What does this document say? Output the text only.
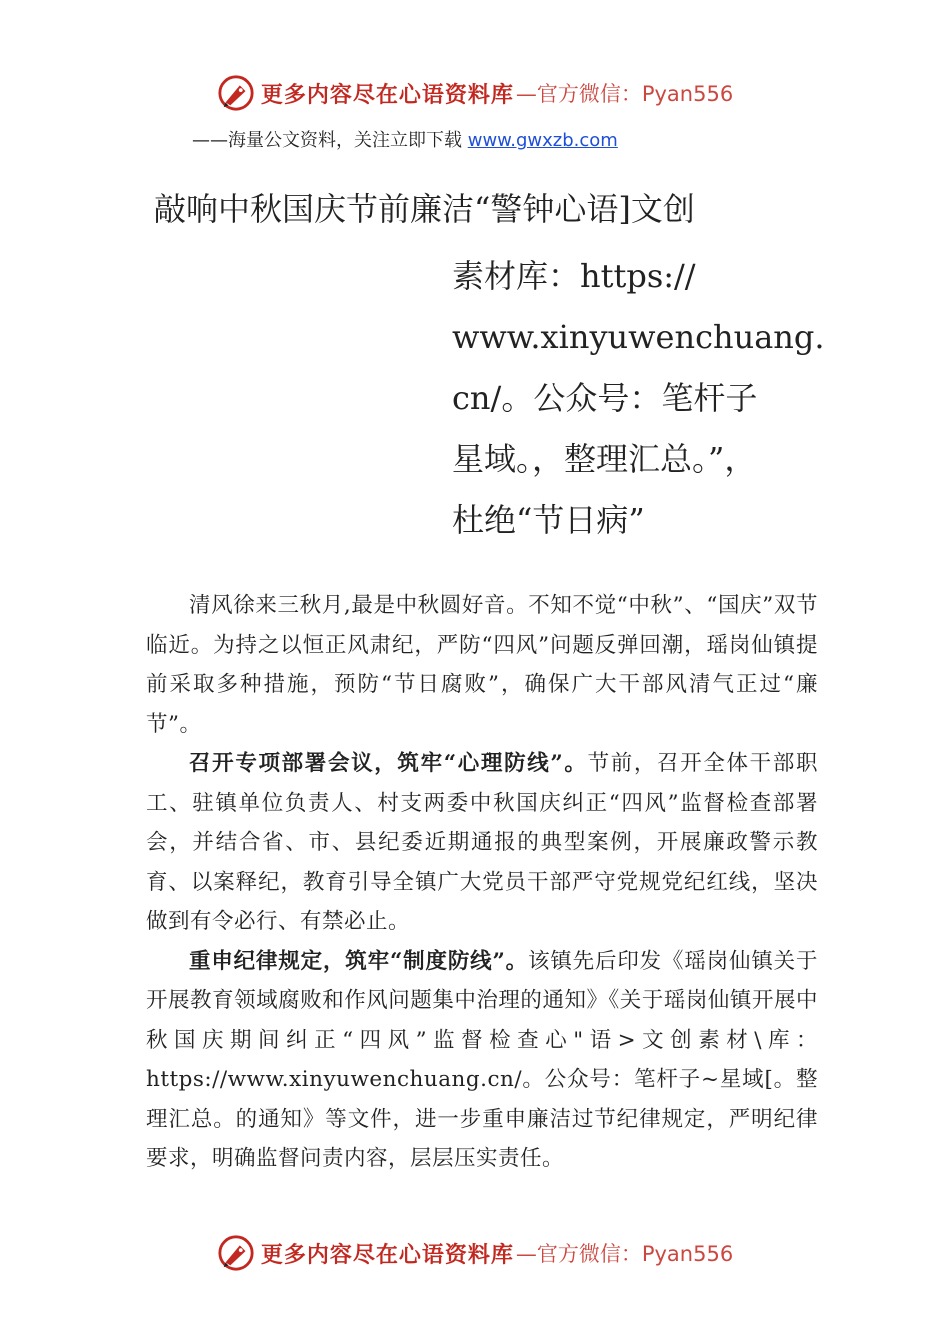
更多内容尽在心语资料库 —官方微信：Pyan556
——海量公文资料，关注立即下载 www.gwxzb.com
敲响中秋国庆节前廉洁“警钟心语]文创
素材库：https://
www.xinyuwenchuang.
cn/。公众号：笔杆子
星域。，整理汇总。”，
杜绝“节日病”

清风徐来三秋月,最是中秋圆好音。不知不觉“中秋”、“国庆”双节临近。为持之以恒正风肃纪，严防“四风”问题反弹回潮，瑶岗仙镇提前采取多种措施，预防“节日腐败”，确保广大干部风清气正过“廉节”。

召开专项部署会议，筑牢“心理防线”。节前，召开全体干部职工、驻镇单位负责人、村支两委中秋国庆纠正“四风”监督检查部署会，并结合省、市、县纪委近期通报的典型案例，开展廉政警示教育、以案释纪，教育引导全镇广大党员干部严守党规党纪红线，坚决做到有令必行、有禁必止。

重申纪律规定，筑牢“制度防线”。该镇先后印发《瑶岗仙镇关于开展教育领域腐败和作风问题集中治理的通知》《关于瑶岗仙镇开展中秋国庆期间纠正“四风”监督检查心"语>文创素材\库：https://www.xinyuwenchuang.cn/。公众号：笔杆子~星域[。整理汇总。的通知》等文件，进一步重申廉洁过节纪律规定，严明纪律要求，明确监督问责内容，层层压实责任。

更多内容尽在心语资料库 —官方微信：Pyan556
